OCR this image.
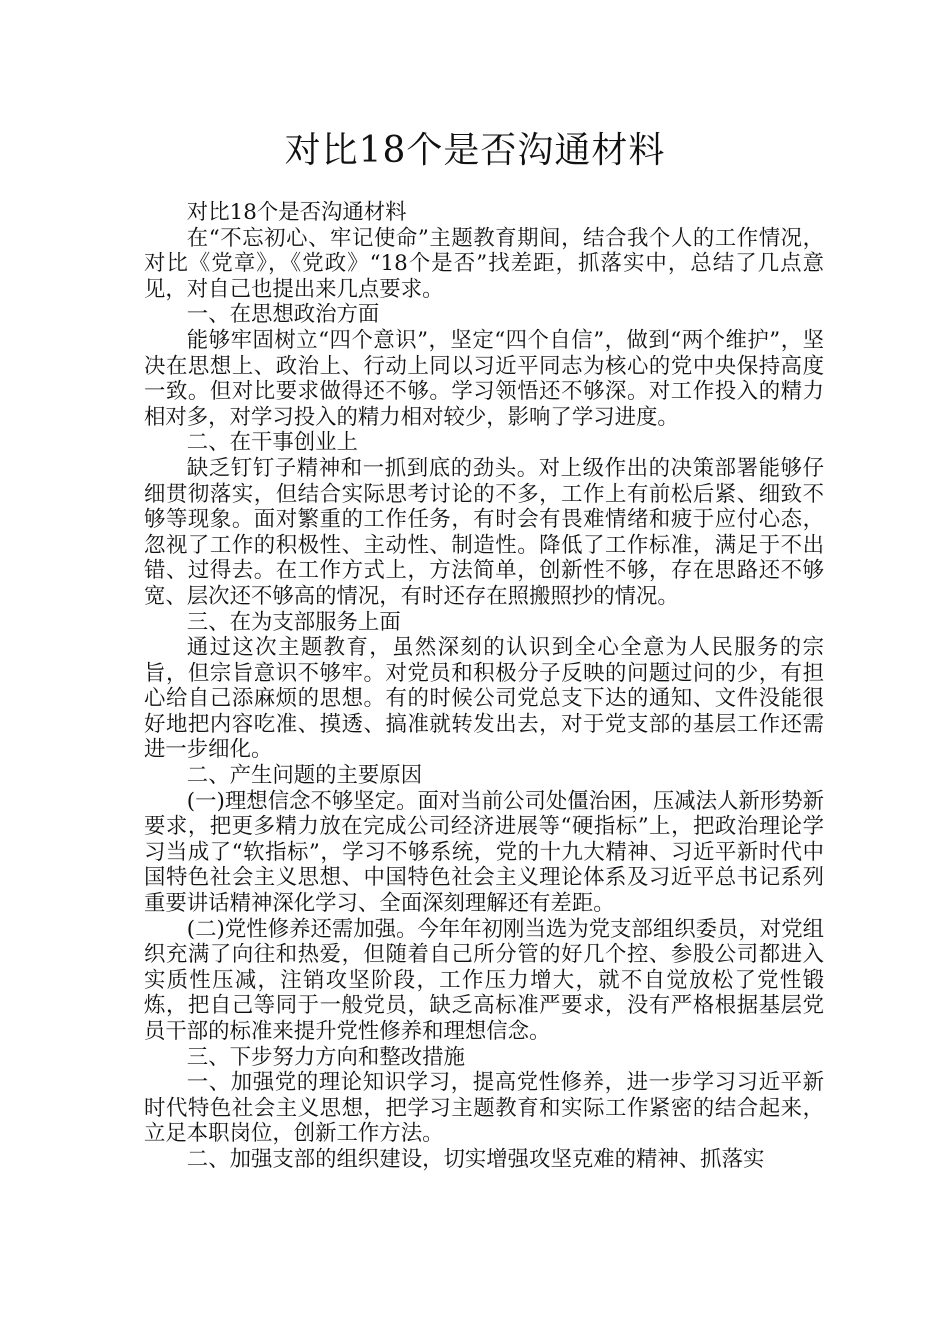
对比18个是否沟通材料

对比18个是否沟通材料

在“不忘初心、牢记使命”主题教育期间，结合我个人的工作情况，对比《党章》，《党政》“18个是否”找差距，抓落实中，总结了几点意见，对自己也提出来几点要求。

一、在思想政治方面

能够牢固树立“四个意识”，坚定“四个自信”，做到“两个维护”，坚决在思想上、政治上、行动上同以习近平同志为核心的党中央保持高度一致。但对比要求做得还不够。学习领悟还不够深。对工作投入的精力相对多，对学习投入的精力相对较少，影响了学习进度。

二、在干事创业上

缺乏钉钉子精神和一抓到底的劲头。对上级作出的决策部署能够仔细贯彻落实，但结合实际思考讨论的不多，工作上有前松后紧、细致不够等现象。面对繁重的工作任务，有时会有畏难情绪和疲于应付心态，忽视了工作的积极性、主动性、制造性。降低了工作标准，满足于不出错、过得去。在工作方式上，方法简单，创新性不够，存在思路还不够宽、层次还不够高的情况，有时还存在照搬照抄的情况。

三、在为支部服务上面

通过这次主题教育，虽然深刻的认识到全心全意为人民服务的宗旨，但宗旨意识不够牢。对党员和积极分子反映的问题过问的少，有担心给自己添麻烦的思想。有的时候公司党总支下达的通知、文件没能很好地把内容吃准、摸透、搞准就转发出去，对于党支部的基层工作还需进一步细化。

二、产生问题的主要原因

(一)理想信念不够坚定。面对当前公司处僵治困，压减法人新形势新要求，把更多精力放在完成公司经济进展等“硬指标”上，把政治理论学习当成了“软指标”，学习不够系统，党的十九大精神、习近平新时代中国特色社会主义思想、中国特色社会主义理论体系及习近平总书记系列重要讲话精神深化学习、全面深刻理解还有差距。

(二)党性修养还需加强。今年年初刚当选为党支部组织委员，对党组织充满了向往和热爱，但随着自己所分管的好几个控、参股公司都进入实质性压减，注销攻坚阶段，工作压力增大，就不自觉放松了党性锻炼，把自己等同于一般党员，缺乏高标准严要求，没有严格根据基层党员干部的标准来提升党性修养和理想信念。

三、下步努力方向和整改措施

一、加强党的理论知识学习，提高党性修养，进一步学习习近平新时代特色社会主义思想，把学习主题教育和实际工作紧密的结合起来，立足本职岗位，创新工作方法。

二、加强支部的组织建设，切实增强攻坚克难的精神、抓落实
